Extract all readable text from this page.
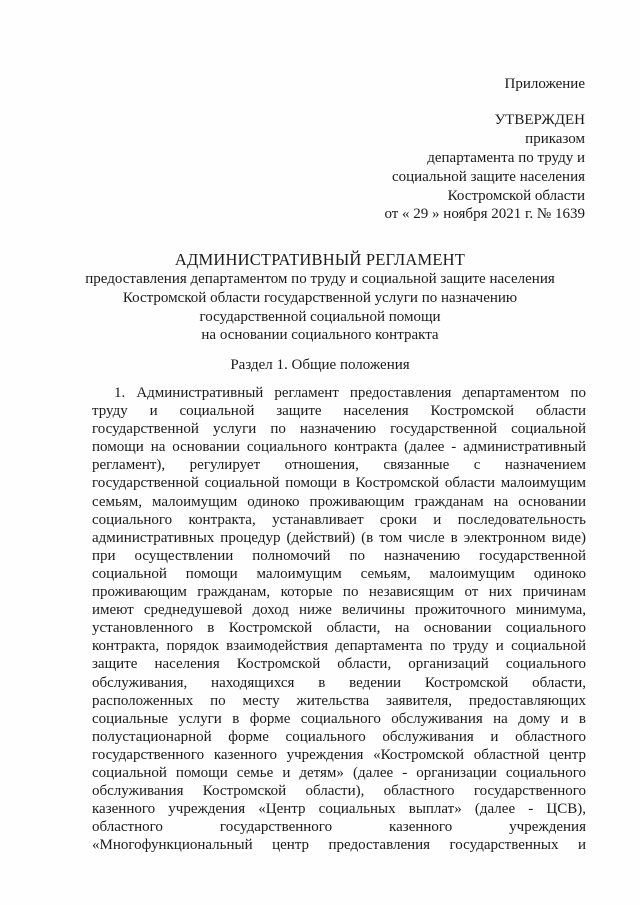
Приложение
УТВЕРЖДЕН
приказом
департамента по труду и
социальной защите населения
Костромской области
от « 29 » ноября 2021 г. № 1639
АДМИНИСТРАТИВНЫЙ РЕГЛАМЕНТ
предоставления департаментом по труду и социальной защите населения
Костромской области государственной услуги по назначению
государственной социальной помощи
на основании социального контракта
Раздел 1. Общие положения
1. Административный регламент предоставления департаментом по
труду и социальной защите населения Костромской области
государственной услуги по назначению государственной социальной
помощи на основании социального контракта (далее - административный
регламент), регулирует отношения, связанные с назначением
государственной социальной помощи в Костромской области малоимущим
семьям, малоимущим одиноко проживающим гражданам на основании
социального контракта, устанавливает сроки и последовательность
административных процедур (действий) (в том числе в электронном виде)
при осуществлении полномочий по назначению государственной
социальной помощи малоимущим семьям, малоимущим одиноко
проживающим гражданам, которые по независящим от них причинам
имеют среднедушевой доход ниже величины прожиточного минимума,
установленного в Костромской области, на основании социального
контракта, порядок взаимодействия департамента по труду и социальной
защите населения Костромской области, организаций социального
обслуживания, находящихся в ведении Костромской области,
расположенных по месту жительства заявителя, предоставляющих
социальные услуги в форме социального обслуживания на дому и в
полустационарной форме социального обслуживания и областного
государственного казенного учреждения «Костромской областной центр
социальной помощи семье и детям» (далее - организации социального
обслуживания Костромской области), областного государственного
казенного учреждения «Центр социальных выплат» (далее - ЦСВ),
областного государственного казенного учреждения
«Многофункциональный центр предоставления государственных и
